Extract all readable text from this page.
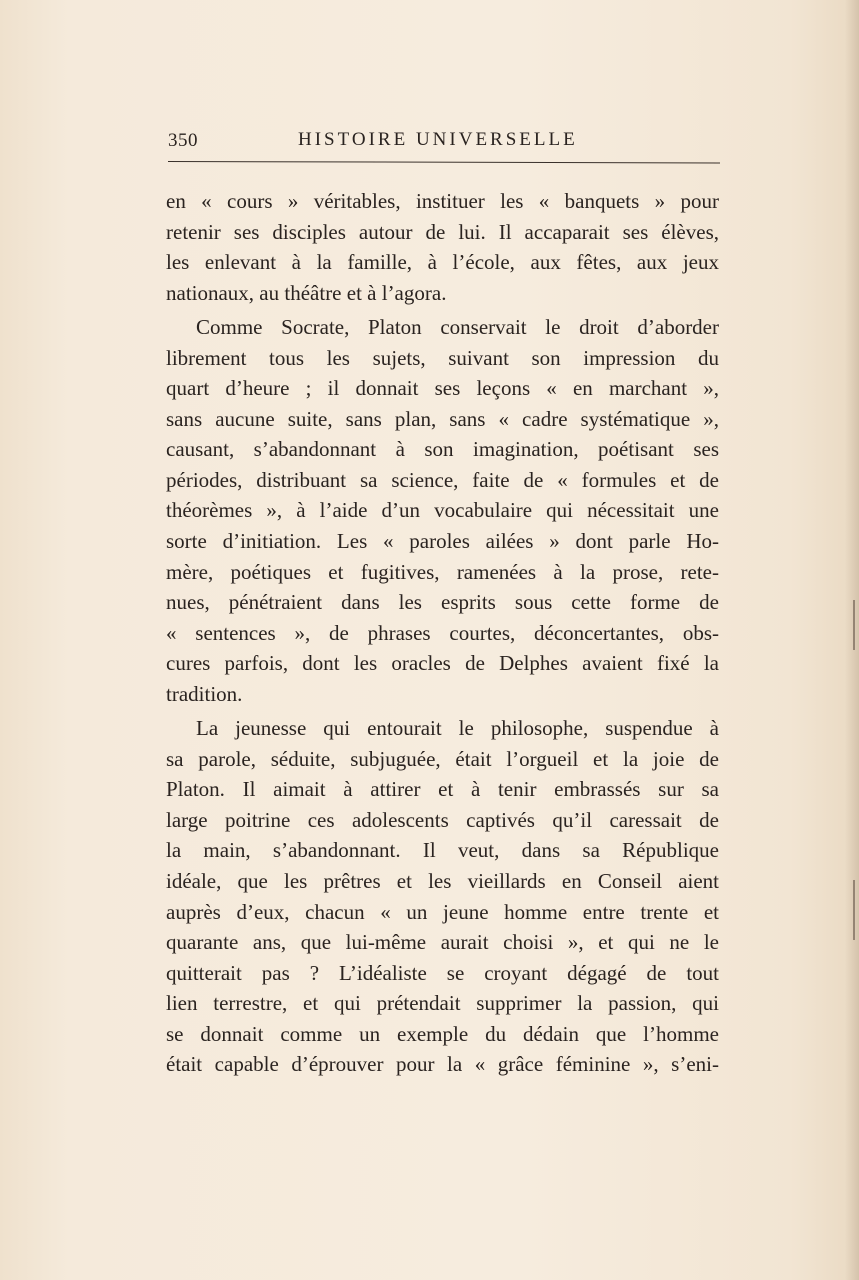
350	HISTOIRE UNIVERSELLE
en « cours » véritables, instituer les « banquets » pour
retenir ses disciples autour de lui. Il accaparait ses élèves,
les enlevant à la famille, à l’école, aux fêtes, aux jeux
nationaux, au théâtre et à l’agora.
Comme Socrate, Platon conservait le droit d’aborder
librement tous les sujets, suivant son impression du
quart d’heure ; il donnait ses leçons « en marchant »,
sans aucune suite, sans plan, sans « cadre systématique »,
causant, s’abandonnant à son imagination, poétisant ses
périodes, distribuant sa science, faite de « formules et de
théorèmes », à l’aide d’un vocabulaire qui nécessitait une
sorte d’initiation. Les « paroles ailées » dont parle Ho-
mère, poétiques et fugitives, ramenées à la prose, rete-
nues, pénétraient dans les esprits sous cette forme de
« sentences », de phrases courtes, déconcertantes, obs-
cures parfois, dont les oracles de Delphes avaient fixé la
tradition.
La jeunesse qui entourait le philosophe, suspendue à
sa parole, séduite, subjuguée, était l’orgueil et la joie de
Platon. Il aimait à attirer et à tenir embrassés sur sa
large poitrine ces adolescents captivés qu’il caressait de
la main, s’abandonnant. Il veut, dans sa République
idéale, que les prêtres et les vieillards en Conseil aient
auprès d’eux, chacun « un jeune homme entre trente et
quarante ans, que lui-même aurait choisi », et qui ne le
quitterait pas ? L’idéaliste se croyant dégagé de tout
lien terrestre, et qui prétendait supprimer la passion, qui
se donnait comme un exemple du dédain que l’homme
était capable d’éprouver pour la « grâce féminine », s’eni-
